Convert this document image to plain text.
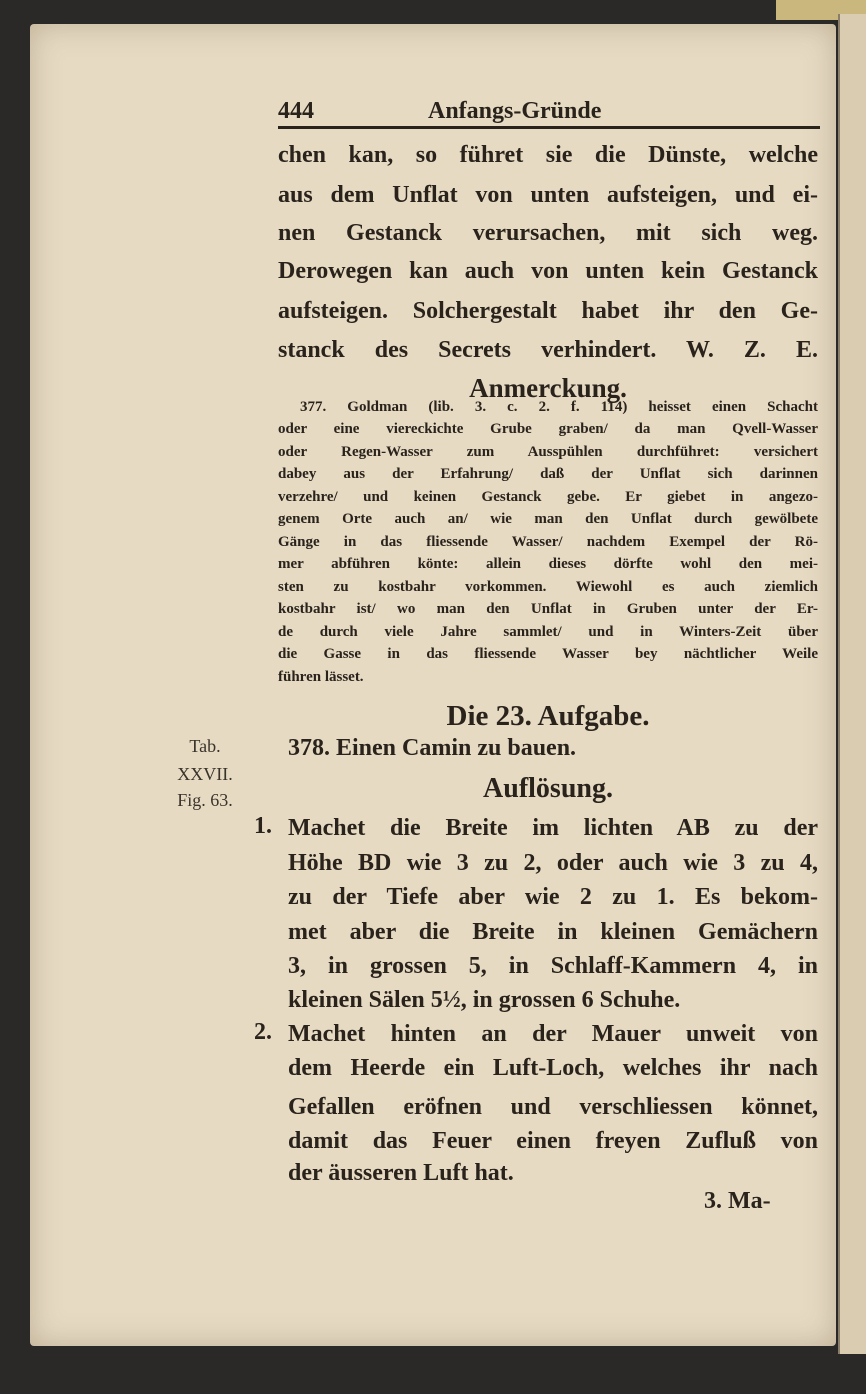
444	Anfangs-Gründe
chen kan, so führet sie die Dünste, welche
aus dem Unflat von unten aufsteigen, und ei-
nen Gestanck verursachen, mit sich weg.
Derowegen kan auch von unten kein Gestanck
aufsteigen. Solchergestalt habet ihr den Ge-
stanck des Secrets verhindert. W. Z. E.
Anmerckung.
377. Goldman (lib. 3. c. 2. f. 114) heisset einen Schacht
oder eine viereckichte Grube graben/ da man Qvell-Wasser
oder Regen-Wasser zum Ausspühlen durchführet: versichert
dabey aus der Erfahrung/ daß der Unflat sich darinnen
verzehre/ und keinen Gestanck gebe. Er giebet in angezo-
genem Orte auch an/ wie man den Unflat durch gewölbete
Gänge in das fliessende Wasser/ nachdem Exempel der Rö-
mer abführen könte: allein dieses dörfte wohl den mei-
sten zu kostbahr vorkommen. Wiewohl es auch ziemlich
kostbahr ist/ wo man den Unflat in Gruben unter der Er-
de durch viele Jahre sammlet/ und in Winters-Zeit über
die Gasse in das fliessende Wasser bey nächtlicher Weile
führen lässet.
Die 23. Aufgabe.
378. Einen Camin zu bauen.
Tab.
XXVII.
Fig. 63.	Auflösung.
1. Machet die Breite im lichten AB zu der
Höhe BD wie 3 zu 2, oder auch wie 3 zu 4,
zu der Tiefe aber wie 2 zu 1. Es bekom-
met aber die Breite in kleinen Gemächern
3, in grossen 5, in Schlaff-Kammern 4, in
kleinen Sälen 5½, in grossen 6 Schuhe.
2. Machet hinten an der Mauer unweit von
dem Heerde ein Luft-Loch, welches ihr nach
Gefallen eröfnen und verschliessen könnet,
damit das Feuer einen freyen Zufluß von
der äusseren Luft hat.
3. Ma-
